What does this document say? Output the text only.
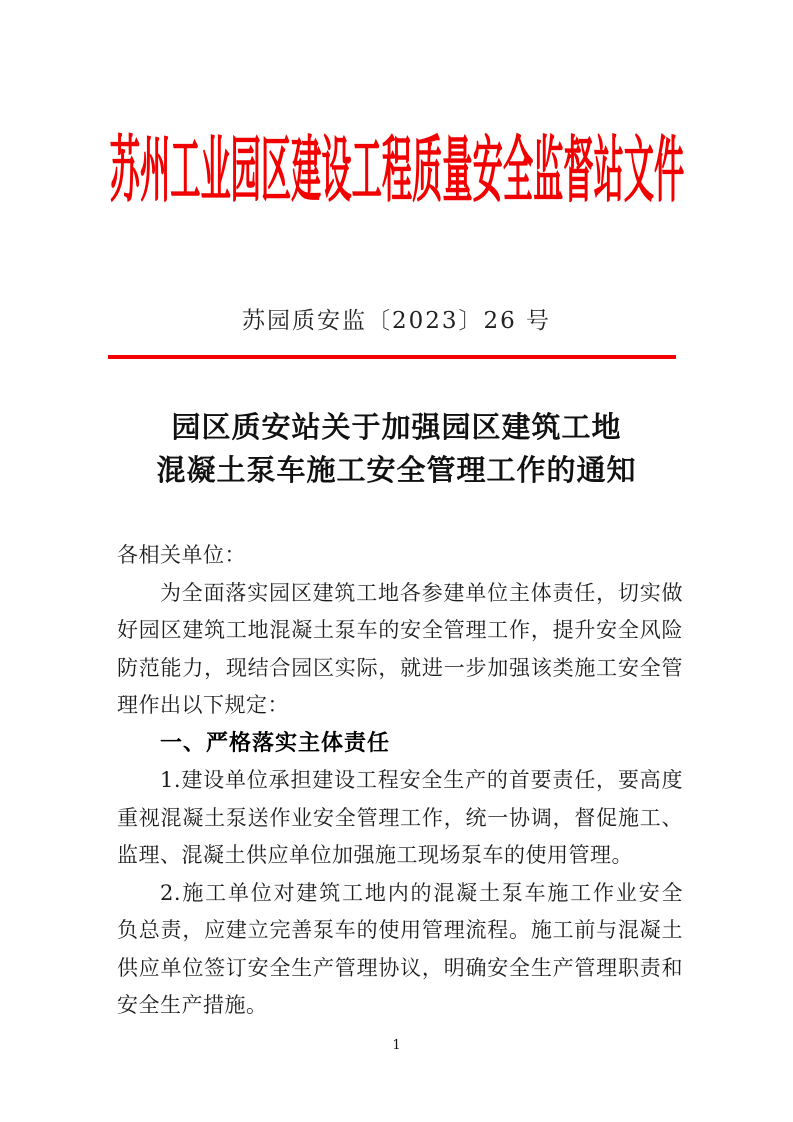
苏州工业园区建设工程质量安全监督站文件
苏园质安监〔2023〕26 号
园区质安站关于加强园区建筑工地
混凝土泵车施工安全管理工作的通知
各相关单位：
为全面落实园区建筑工地各参建单位主体责任，切实做
好园区建筑工地混凝土泵车的安全管理工作，提升安全风险
防范能力，现结合园区实际，就进一步加强该类施工安全管
理作出以下规定：
一、严格落实主体责任
1.建设单位承担建设工程安全生产的首要责任，要高度
重视混凝土泵送作业安全管理工作，统一协调，督促施工、
监理、混凝土供应单位加强施工现场泵车的使用管理。
2.施工单位对建筑工地内的混凝土泵车施工作业安全
负总责，应建立完善泵车的使用管理流程。施工前与混凝土
供应单位签订安全生产管理协议，明确安全生产管理职责和
安全生产措施。
1
